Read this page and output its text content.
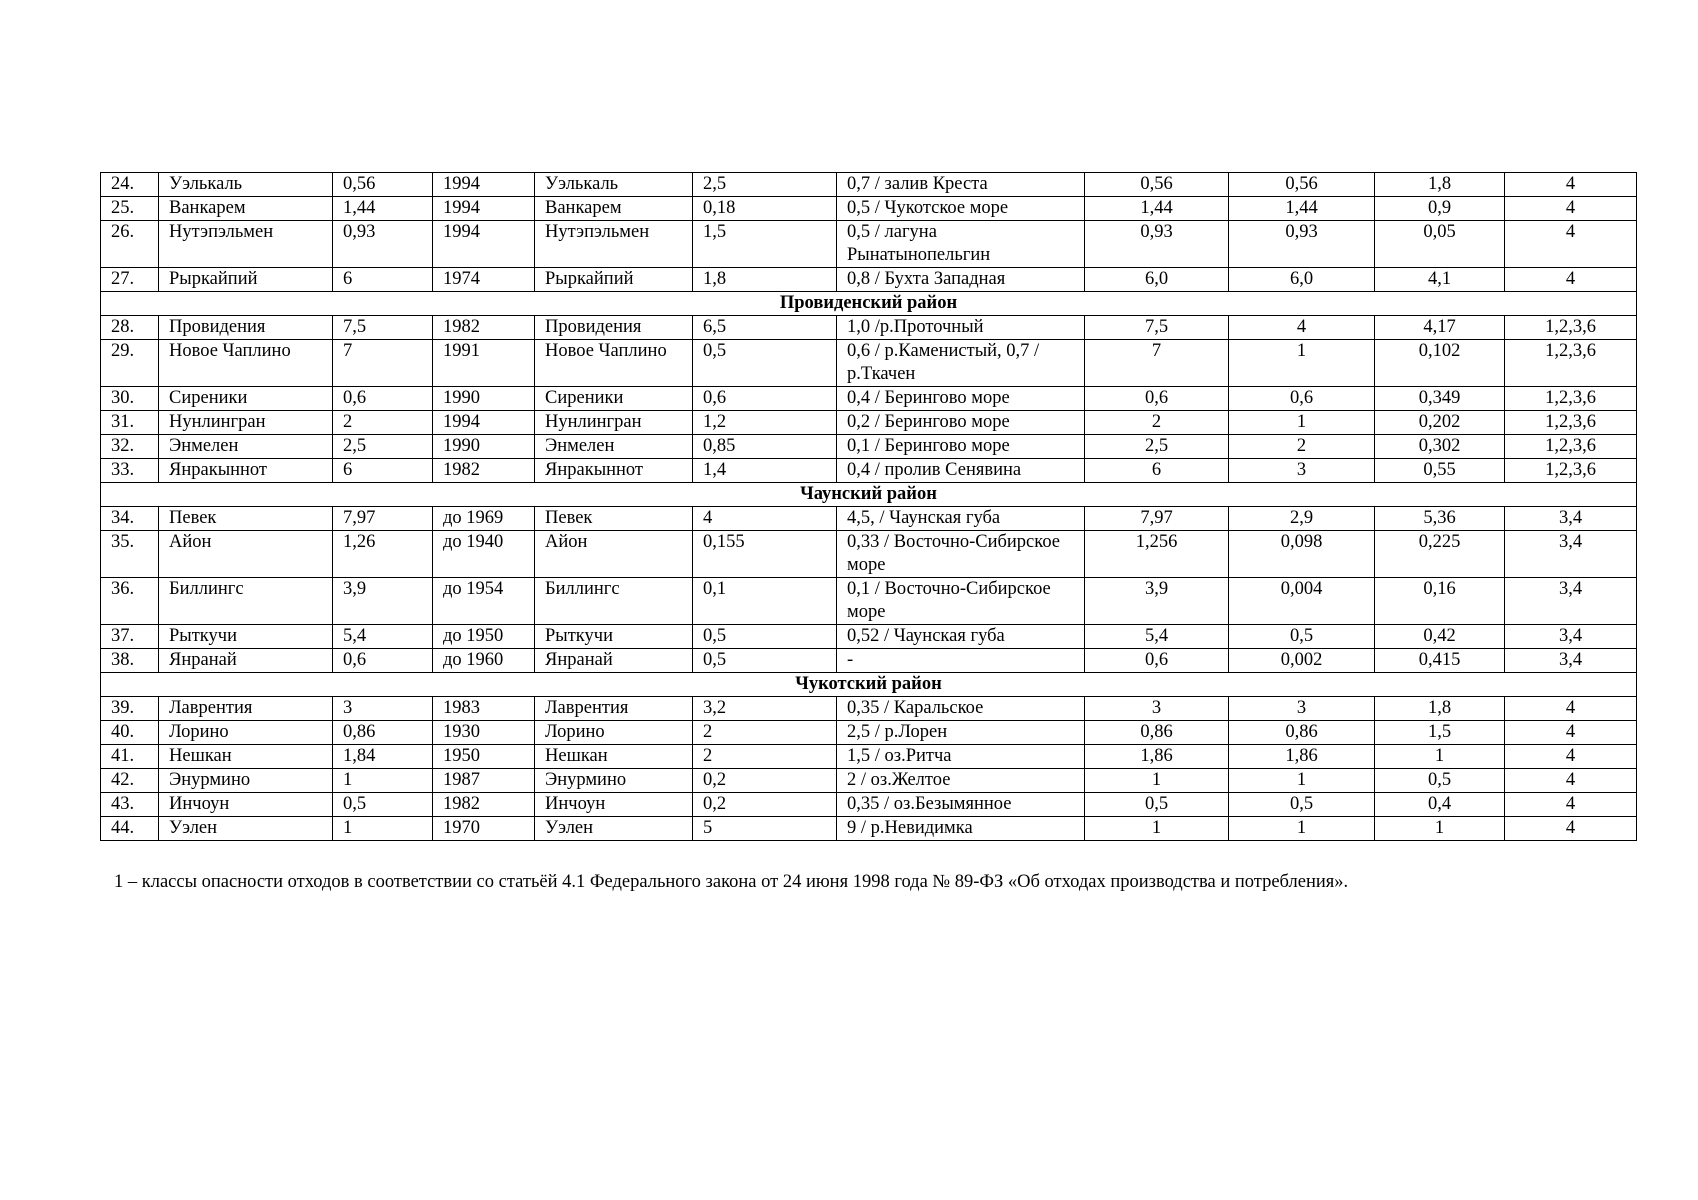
24.	Уэлькаль	0,56	1994	Уэлькаль	2,5	0,7 / залив Креста	0,56	0,56	1,8	4
25.	Ванкарем	1,44	1994	Ванкарем	0,18	0,5 / Чукотское море	1,44	1,44	0,9	4
26.	Нутэпэльмен	0,93	1994	Нутэпэльмен	1,5	0,5 / лагуна Рынатынопельгин	0,93	0,93	0,05	4
27.	Рыркайпий	6	1974	Рыркайпий	1,8	0,8 / Бухта Западная	6,0	6,0	4,1	4
Провиденский район										
28.	Провидения	7,5	1982	Провидения	6,5	1,0 /р.Проточный	7,5	4	4,17	1,2,3,6
29.	Новое Чаплино	7	1991	Новое Чаплино	0,5	0,6 / р.Каменистый, 0,7 / р.Ткачен	7	1	0,102	1,2,3,6
30.	Сиреники	0,6	1990	Сиреники	0,6	0,4 / Берингово море	0,6	0,6	0,349	1,2,3,6
31.	Нунлингран	2	1994	Нунлингран	1,2	0,2 / Берингово море	2	1	0,202	1,2,3,6
32.	Энмелен	2,5	1990	Энмелен	0,85	0,1 / Берингово море	2,5	2	0,302	1,2,3,6
33.	Янракыннот	6	1982	Янракыннот	1,4	0,4 / пролив Сенявина	6	3	0,55	1,2,3,6
Чаунский район										
34.	Певек	7,97	до 1969	Певек	4	4,5, / Чаунская губа	7,97	2,9	5,36	3,4
35.	Айон	1,26	до 1940	Айон	0,155	0,33 / Восточно-Сибирское море	1,256	0,098	0,225	3,4
36.	Биллингс	3,9	до 1954	Биллингс	0,1	0,1 / Восточно-Сибирское море	3,9	0,004	0,16	3,4
37.	Рыткучи	5,4	до 1950	Рыткучи	0,5	0,52 / Чаунская губа	5,4	0,5	0,42	3,4
38.	Янранай	0,6	до 1960	Янранай	0,5	-	0,6	0,002	0,415	3,4
Чукотский район										
39.	Лаврентия	3	1983	Лаврентия	3,2	0,35 / Каральское	3	3	1,8	4
40.	Лорино	0,86	1930	Лорино	2	2,5 / р.Лорен	0,86	0,86	1,5	4
41.	Нешкан	1,84	1950	Нешкан	2	1,5 / оз.Ритча	1,86	1,86	1	4
42.	Энурмино	1	1987	Энурмино	0,2	2 / оз.Желтое	1	1	0,5	4
43.	Инчоун	0,5	1982	Инчоун	0,2	0,35 / оз.Безымянное	0,5	0,5	0,4	4
44.	Уэлен	1	1970	Уэлен	5	9 / р.Невидимка	1	1	1	4
1 – классы опасности отходов в соответствии со статьёй 4.1 Федерального закона от 24 июня 1998 года № 89-ФЗ «Об отходах производства и потребления».
